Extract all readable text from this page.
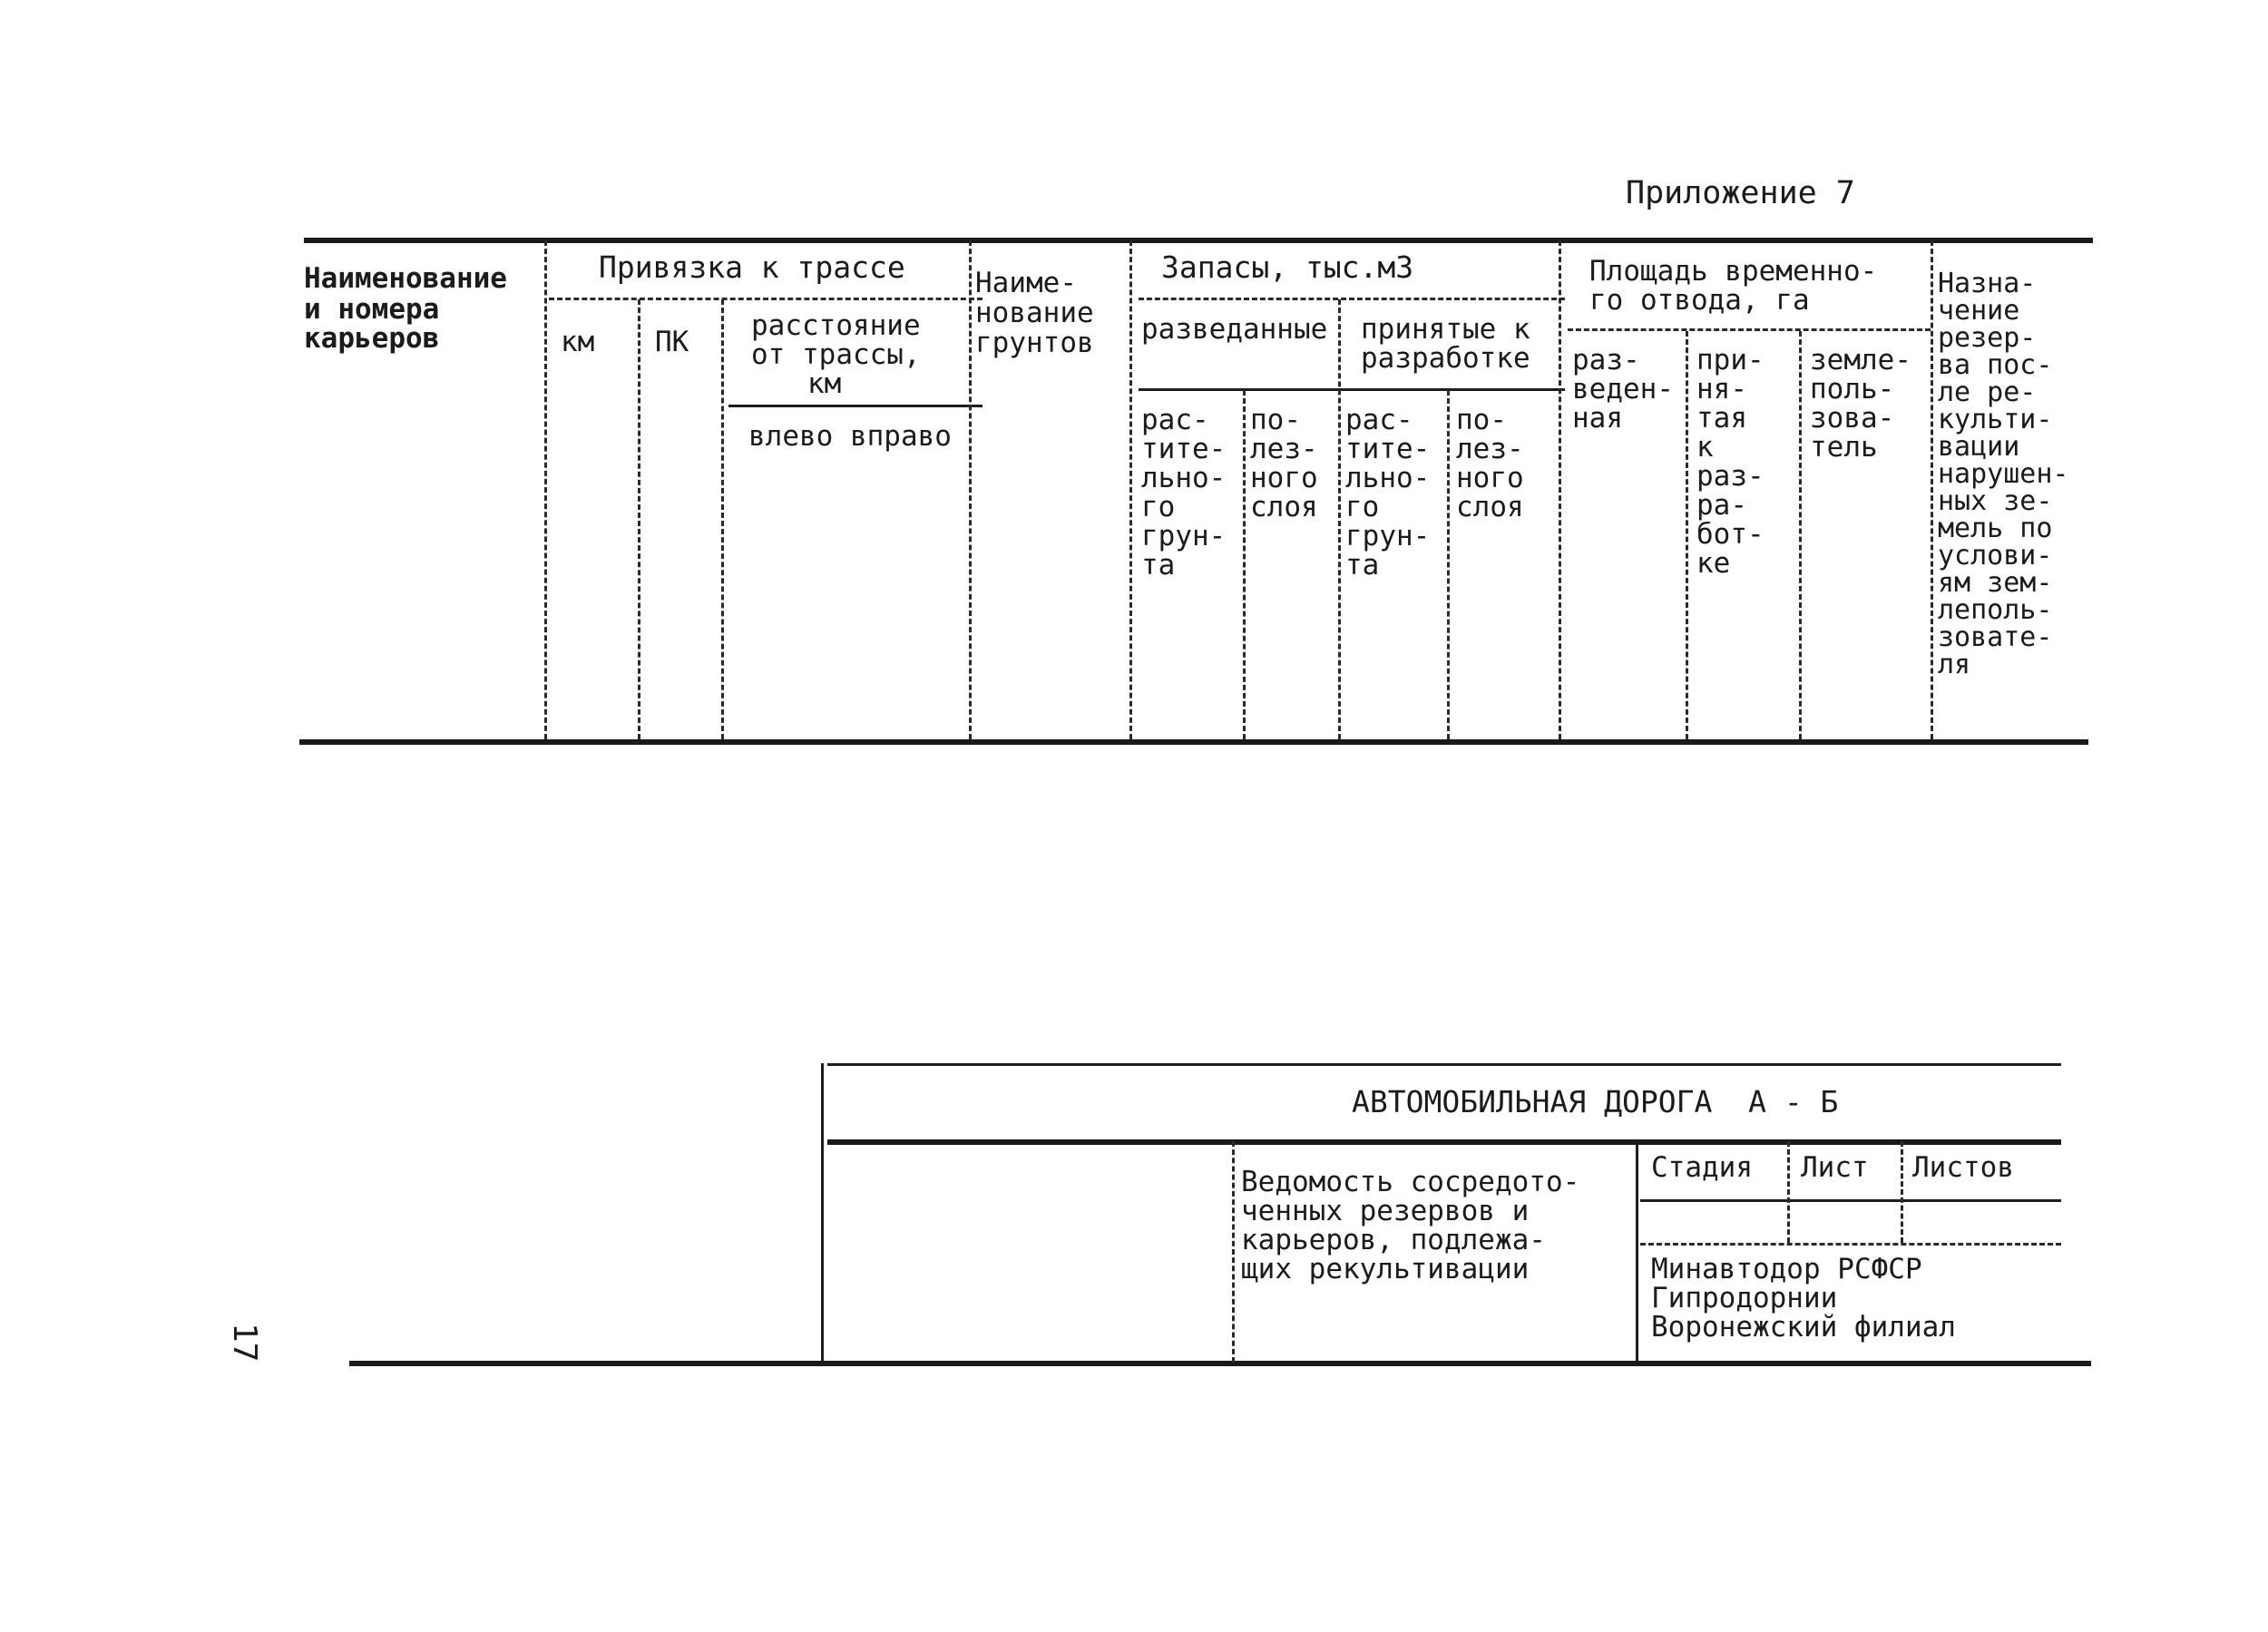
Приложение 7
Наименование
и номера
карьеров
Привязка к трассе
км ПК расстояние
от трассы,
км
влево вправо
Наиме-
нование
грунтов
Запасы, тыс.м3
разведанные принятые к
разработке
рас-
тите-
льно-
го
грун-
та
по-
лез-
ного
слоя
рас-
тите-
льно-
го
грун-
та
по-
лез-
ного
слоя
Площадь временно-
го отвода, га
раз-
веден-
ная
при-
ня-
тая
к
раз-
ра-
бот-
ке
земле-
поль-
зова-
тель
Назна-
чение
резер-
ва пос-
ле ре-
культи-
вации
нарушен-
ных зе-
мель по
услови-
ям зем-
леполь-
зовате-
ля
АВТОМОБИЛЬНАЯ ДОРОГА  А - Б
Ведомость сосредото-
ченных резервов и
карьеров, подлежа-
щих рекультивации
Стадия Лист Листов
Минавтодор РСФСР
Гипродорнии
Воронежский филиал
17
